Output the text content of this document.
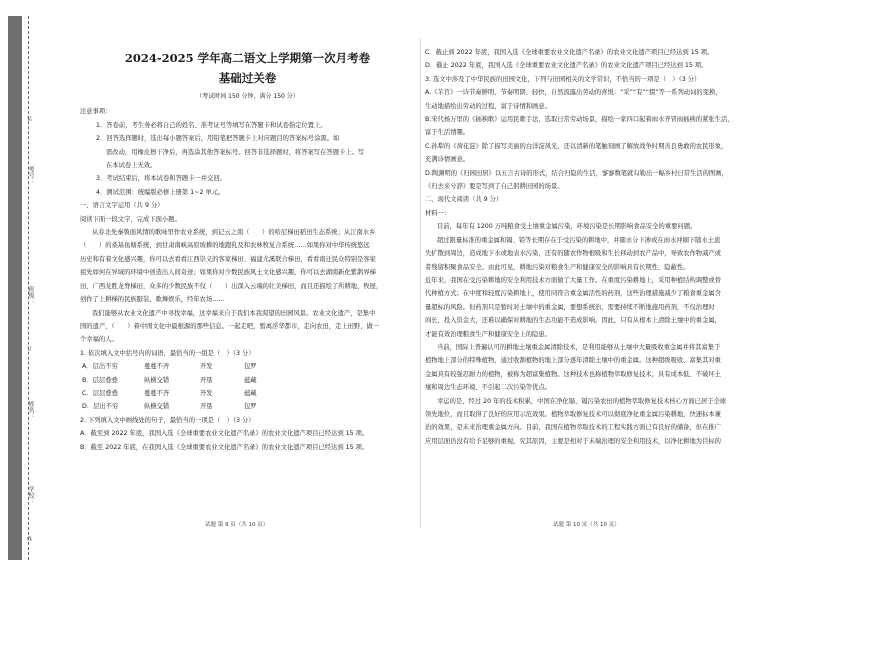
考号：
班级：
姓名：
学校：
装
订
线
2024-2025 学年高二语文上学期第一次月考卷
基础过关卷
（考试时间 150 分钟，满分 150 分）

注意事项：

1．答卷前，考生务必将自己的姓名、准考证号等填写在答题卡和试卷指定位置上。

2．回答选择题时，选出每小题答案后，用铅笔把答题卡上对应题目的答案标号涂黑。如

需改动，用橡皮擦干净后，再选涂其他答案标号。回答非选择题时，将答案写在答题卡上。写

在本试卷上无效。

3．考试结束后，将本试卷和答题卡一并交回。

4．测试范围：统编版必修上册第 1~2 单元。

一、语言文字运用（共 9 分）

阅读下面一段文字，完成下面小题。

从春北先秦鲁面风情的歌咏里作农业系统，到记云之南（　　）的哈尼梯田稻田生态系统；从江南水乡

（　　）的桑基鱼塘系统，到甘肃南峡高原坡耕的地跑乳及和农林牧复合系统……如果你对中华传统悠远

历史和有着文化感兴趣，你可以去看看江西崇义的客家梯田、福建尤溪联合梯田，看看南迁民众特别是客家

祖先如何在异域的环境中创造出人间奇迹；如果你对少数民族风土文化感兴趣，你可以去湖南新化紫鹊界梯

田、广西龙胜龙脊梯田，众多的少数民族不仅（　　）出深入云端的壮美梯田，而且还描绘了所耕地、牧屋，

创作了上耕梯的民族服装、歌舞娱乐，经年农场……

我们能够从农业文化遗产中寻找幸福，这幸福来自于我们本我渴望的田园风景。农业文化遗产，是集中

国的遗产，（　　）着中国文化中最根源的那些信息。一起走吧，暂离浮华都市，走向农田，走上田野，做一

个幸福的人。

1. 依次填入文中括号内的词语，最恰当的一组是（　）（3 分）

A．层出不穷	蔓蔓不齐	开发	包罗
B．层层叠叠	纵横交错	开垦	蕴藏
C．层层叠叠	蔓蔓不齐	开发	蕴藏
D．层出不穷	纵横交错	开垦	包罗

2. 下列填入文中画线处的句子，最恰当的一项是（　）（3 分）

A．截至到 2022 年底，我国入选《全球重要农业文化遗产名录》的农业文化遗产项目已经达到 15 项。

B．截至 2022 年底，在我国入选《全球重要农业文化遗产名录》的农业文化遗产项目已经达到 15 项。

试题 第 9 页（共 10 页）

C．截止到 2022 年底，我国入选《全球重要农业文化遗产名录》的农业文化遗产项目已经达到 15 项。

D．截止 2022 年底，我国入选《全球重要农业文化遗产名录》的农业文化遗产项目已经达到 15 项。

3. 选文中涉及了中华民族的田园文化，下列与田园相关的文学常识，不恰当的一项是（　）（3 分）

A.《芣苢》一诗节奏鲜明、节奏明朗、轻快，自然流露出劳动的喜悦：“采”“有”“掇”等一系列动词的变换，

生动地描绘出劳动的过程，富于诗情和画意。

B.宋代杨万里的《插秧歌》运用民歌手法，选取日常劳动场景，描绘一家四口起着雨水齐冒雨插秧的紧张生活，

富于生活情趣。

C.孙犁的《荷花淀》除了描写美丽的白洋淀风光，还以清新的笔触刻画了解放战争时期善良勇敢的农民形象，

充满诗情画意。

D.陶渊明的《归园田居》以五言古诗的形式，结合归隐的生活，寥寥数笔就勾勒出一幅乡村日常生活的图画，

《归去来兮辞》要是写到了自己躬耕田园的场景。

二、现代文阅读（共 9 分）

材料一：

目前，每年有 1200 万吨粮食受土壤重金属污染，环境污染是长期影响食品安全的重要问题。

超过限量标准的重金属和镉、铅等长期存在于受污染的耕地中，并随水分下渗或在雨水冲刷下随水土流

失扩散到周边，造成地下水或地表水污染，还有的随农作物根吸和生长移动到农产品中，导致农作物减产或

者残留积聚食品安全。由此可见，耕地污染对粮食生产和健康安全的影响具有长期性、隐蔽性。

近年来，我国在受污染耕地的安全利用技术方面做了大量工作。在重度污染耕地上，采用种植结构调整或替

代种植方式；在中度和轻度污染耕地上，使用同符合重金属活性的药剂，这些治理措施减少了粮食重金属含

量超标的风险。但药剂只是暂时对土壤中的重金属，要想系统治，需要持续不断地施用药剂，不仅治理时

间长，投入资金大，还难以确保对耕地的生态功能不造成影响。因此，只有从根本上清除土壤中的重金属，

才能有效治理粮食生产和健康安全上的隐患。

当前，国际上普遍认可的耕地土壤重金属清除技术，是利用能够从土壤中大量吸收重金属并将其富集于

植物地上部分的特殊植物，通过收割植物的地上部分逐年清除土壤中的重金属。这种超级吸收、富集其对重

金属具有较强忍耐力的植物，被称为超富集植物。这种技术也称植物萃取修复技术，具有成本低、不破坏土

壤和周边生态环境、不引起二次污染等优点。

幸运的是，经过 20 年的技术积累，中国在净化镉、镉污染农田的植物萃取修复技术核心方面已居于全球

领先地位，而且取得了良好的应用示范效果。植物萃取修复技术可以彻底净化重金属污染耕地，快速标本兼

治的效果，是未来治理重金属方向。目前，我国在植物萃取技术的工程实践方面已有良好的储备，但在推广

应用层面仍没有给予足够的重视。究其原因，主要是相对于末端治理的安全利用技术，以净化耕地为目标的

试题 第 10 页（共 10 页）
